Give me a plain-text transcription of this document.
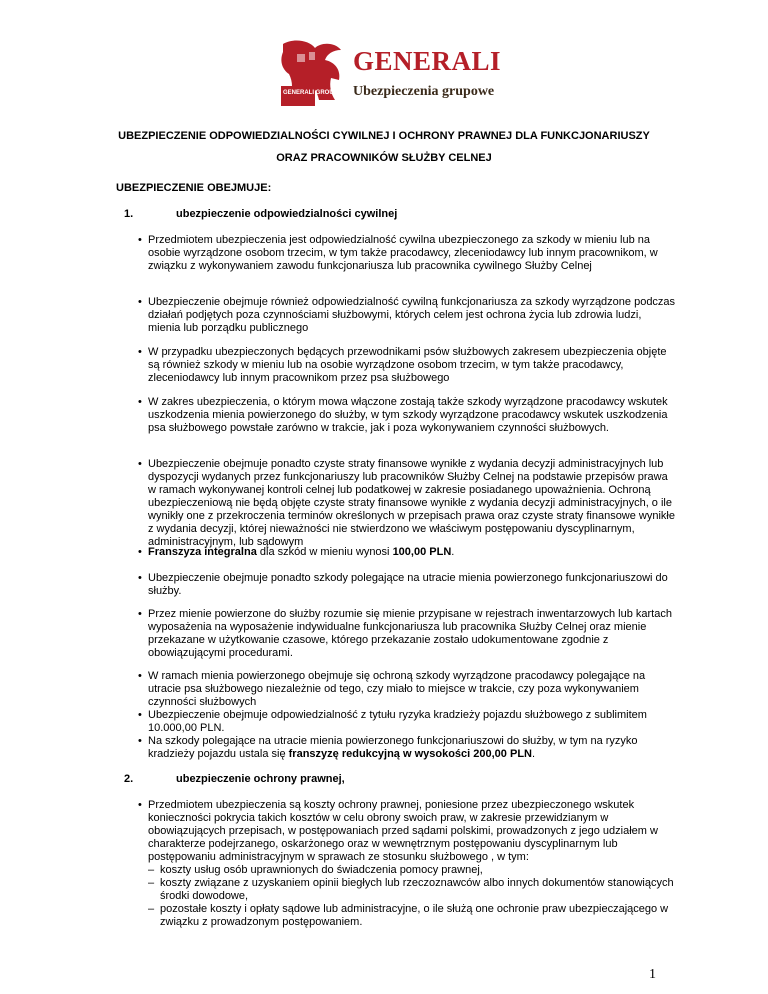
GENERALI GROUP
GENERALI
Ubezpieczenia grupowe
UBEZPIECZENIE ODPOWIEDZIALNOŚCI CYWILNEJ I OCHRONY PRAWNEJ DLA FUNKCJONARIUSZY
ORAZ PRACOWNIKÓW SŁUŻBY CELNEJ
UBEZPIECZENIE OBEJMUJE:
1.	ubezpieczenie odpowiedzialności cywilnej
• Przedmiotem ubezpieczenia jest odpowiedzialność cywilna ubezpieczonego za szkody w mieniu lub na osobie wyrządzone osobom trzecim, w tym także pracodawcy, zleceniodawcy lub innym pracownikom, w związku z wykonywaniem zawodu funkcjonariusza lub pracownika cywilnego Służby Celnej
• Ubezpieczenie obejmuje również odpowiedzialność cywilną funkcjonariusza za szkody wyrządzone podczas działań podjętych poza czynnościami służbowymi, których celem jest ochrona życia lub zdrowia ludzi, mienia lub porządku publicznego
• W przypadku ubezpieczonych będących przewodnikami psów służbowych zakresem ubezpieczenia objęte są również szkody w mieniu lub na osobie wyrządzone osobom trzecim, w tym także pracodawcy, zleceniodawcy lub innym pracownikom przez psa służbowego
• W zakres ubezpieczenia, o którym mowa włączone zostają także szkody wyrządzone pracodawcy wskutek uszkodzenia mienia powierzonego do służby, w tym szkody wyrządzone pracodawcy wskutek uszkodzenia psa służbowego powstałe zarówno w trakcie, jak i poza wykonywaniem czynności służbowych.
• Ubezpieczenie obejmuje ponadto czyste straty finansowe wynikłe z wydania decyzji administracyjnych lub dyspozycji wydanych przez funkcjonariuszy lub pracowników Służby Celnej na podstawie przepisów prawa w ramach wykonywanej kontroli celnej lub podatkowej w zakresie posiadanego upoważnienia. Ochroną ubezpieczeniową nie będą objęte czyste straty finansowe wynikłe z wydania decyzji administracyjnych, o ile wynikły one z przekroczenia terminów określonych w przepisach prawa oraz czyste straty finansowe wynikłe z wydania decyzji, której nieważności nie stwierdzono we właściwym postępowaniu dyscyplinarnym, administracyjnym, lub sądowym
• Franszyza integralna dla szkód w mieniu wynosi 100,00 PLN.
• Ubezpieczenie obejmuje ponadto szkody polegające na utracie mienia powierzonego funkcjonariuszowi do służby.
• Przez mienie powierzone do służby rozumie się mienie przypisane w rejestrach inwentarzowych lub kartach wyposażenia na wyposażenie indywidualne funkcjonariusza lub pracownika Służby Celnej oraz mienie przekazane w użytkowanie czasowe, którego przekazanie zostało udokumentowane zgodnie z obowiązującymi procedurami.
• W ramach mienia powierzonego obejmuje się ochroną szkody wyrządzone pracodawcy polegające na utracie psa służbowego niezależnie od tego, czy miało to miejsce w trakcie, czy poza wykonywaniem czynności służbowych
• Ubezpieczenie obejmuje odpowiedzialność z tytułu ryzyka kradzieży pojazdu służbowego z sublimitem 10.000,00 PLN.
• Na szkody polegające na utracie mienia powierzonego funkcjonariuszowi do służby, w tym na ryzyko kradzieży pojazdu ustala się franszyzę redukcyjną w wysokości 200,00 PLN.
2.	ubezpieczenie ochrony prawnej,
• Przedmiotem ubezpieczenia są koszty ochrony prawnej, poniesione przez ubezpieczonego wskutek konieczności pokrycia takich kosztów w celu obrony swoich praw, w zakresie przewidzianym w obowiązujących przepisach, w postępowaniach przed sądami polskimi, prowadzonych z jego udziałem w charakterze podejrzanego, oskarżonego oraz w wewnętrznym postępowaniu dyscyplinarnym lub postępowaniu administracyjnym w sprawach ze stosunku służbowego , w tym:
– koszty usług osób uprawnionych do świadczenia pomocy prawnej,
– koszty związane z uzyskaniem opinii biegłych lub rzeczoznawców albo innych dokumentów stanowiących środki dowodowe,
– pozostałe koszty i opłaty sądowe lub administracyjne, o ile służą one ochronie praw ubezpieczającego w związku z prowadzonym postępowaniem.
1
